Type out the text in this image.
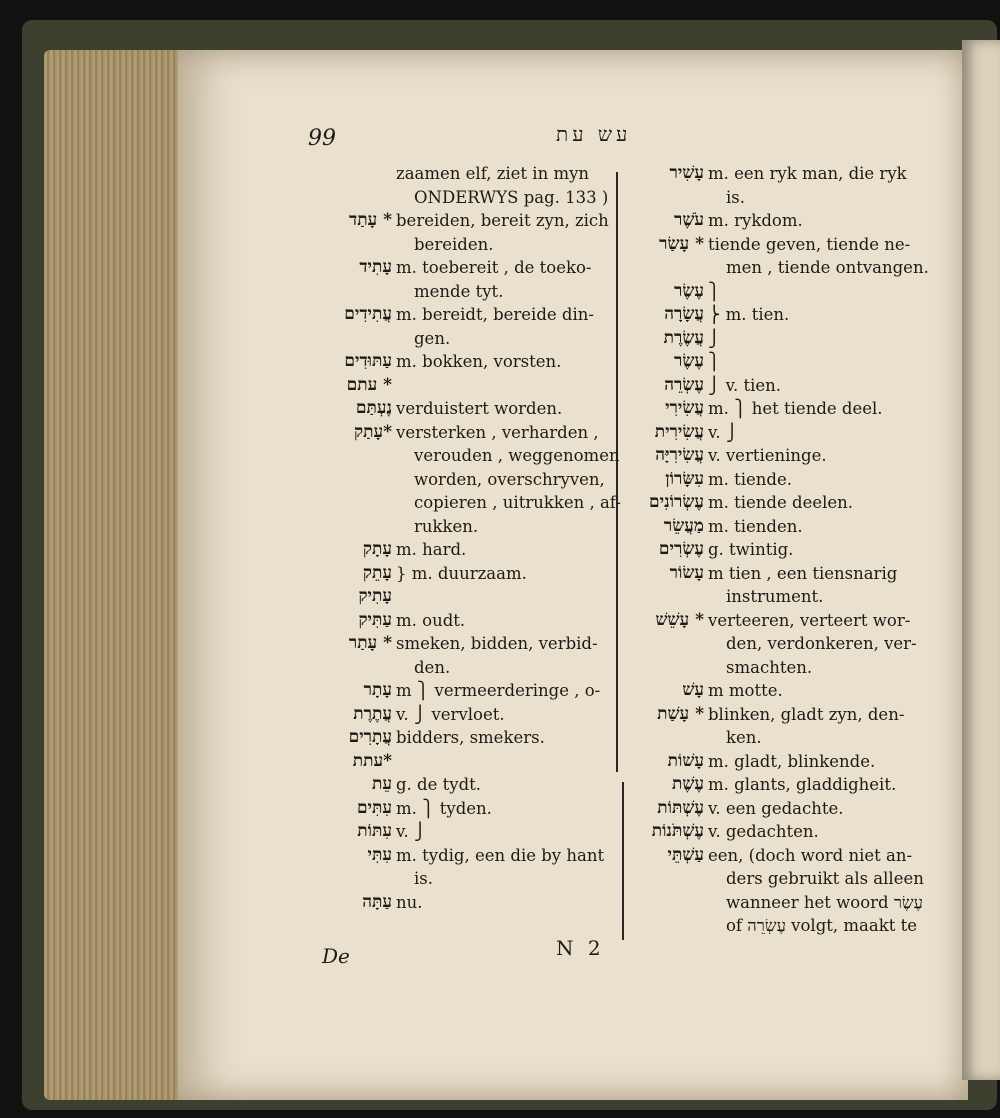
99	עש עת
zaamen elf, ziet in myn
ONDERWYS pag. 133 )
* עָתַד bereiden, bereit zyn, zich
bereiden.
עָתִיד m. toebereit , de toeko-
mende tyt.
עֲתִידִים m. bereidt, bereide din-
gen.
עַתּוּדִים m. bokken, vorsten.
* עתם
נֶעְתַּם verduistert worden.
*עָתַק versterken , verharden ,
verouden , weggenomen
worden, overschryven,
copieren , uitrukken , af-
rukken.
עָתָק m. hard.
עָתֵק } m. duurzaam.
עָתִיק
עַתִּיק m. oudt.
* עָתַר smeken, bidden, verbid-
den.
עָתָר m ⎫ vermeerderinge , o-
עֲתֶרֶת v. ⎭ vervloet.
עֲתָרִים bidders, smekers.
*עתת
עֵת g. de tydt.
עִתִּים m. ⎫ tyden.
עִתּוֹת v. ⎭
עִתִּי m. tydig, een die by hant
is.
עַתָּה nu.
עָשִׁיר m. een ryk man, die ryk
is.
עֹשֶׁר m. rykdom.
* עָשַׂר tiende geven, tiende ne-
men , tiende ontvangen.
עֶשֶׂר ⎫
עֲשָׂרָה ⎬ m. tien.
עֲשֶׂרֶת ⎭
עֶשֶׂר ⎫
עֶשְׂרֵה ⎭ v. tien.
עֲשִׂירִי m. ⎫ het tiende deel.
עֲשִׂירִית v. ⎭
עֲשִׂירִיָּה v. vertieninge.
עִשָּׂרוֹן m. tiende.
עֶשְׂרוֹנִים m. tiende deelen.
מַעֲשֵׂר m. tienden.
עֶשְׂרִים g. twintig.
עָשׂוֹר m tien , een tiensnarig
instrument.
* עָשֵׁשׁ verteeren, verteert wor-
den, verdonkeren, ver-
smachten.
עָשׁ m motte.
* עָשַׁת blinken, gladt zyn, den-
ken.
עָשׁוֹת m. gladt, blinkende.
עֶשֶׁת m. glants, gladdigheit.
עֶשְׁתּוֹת v. een gedachte.
עֶשְׁתֹּנוֹת v. gedachten.
עַשְׁתֵּי een, (doch word niet an-
ders gebruikt als alleen
wanneer het woord עֶשֶׂר
of עֶשְׂרֵה volgt, maakt te
N 2
De
